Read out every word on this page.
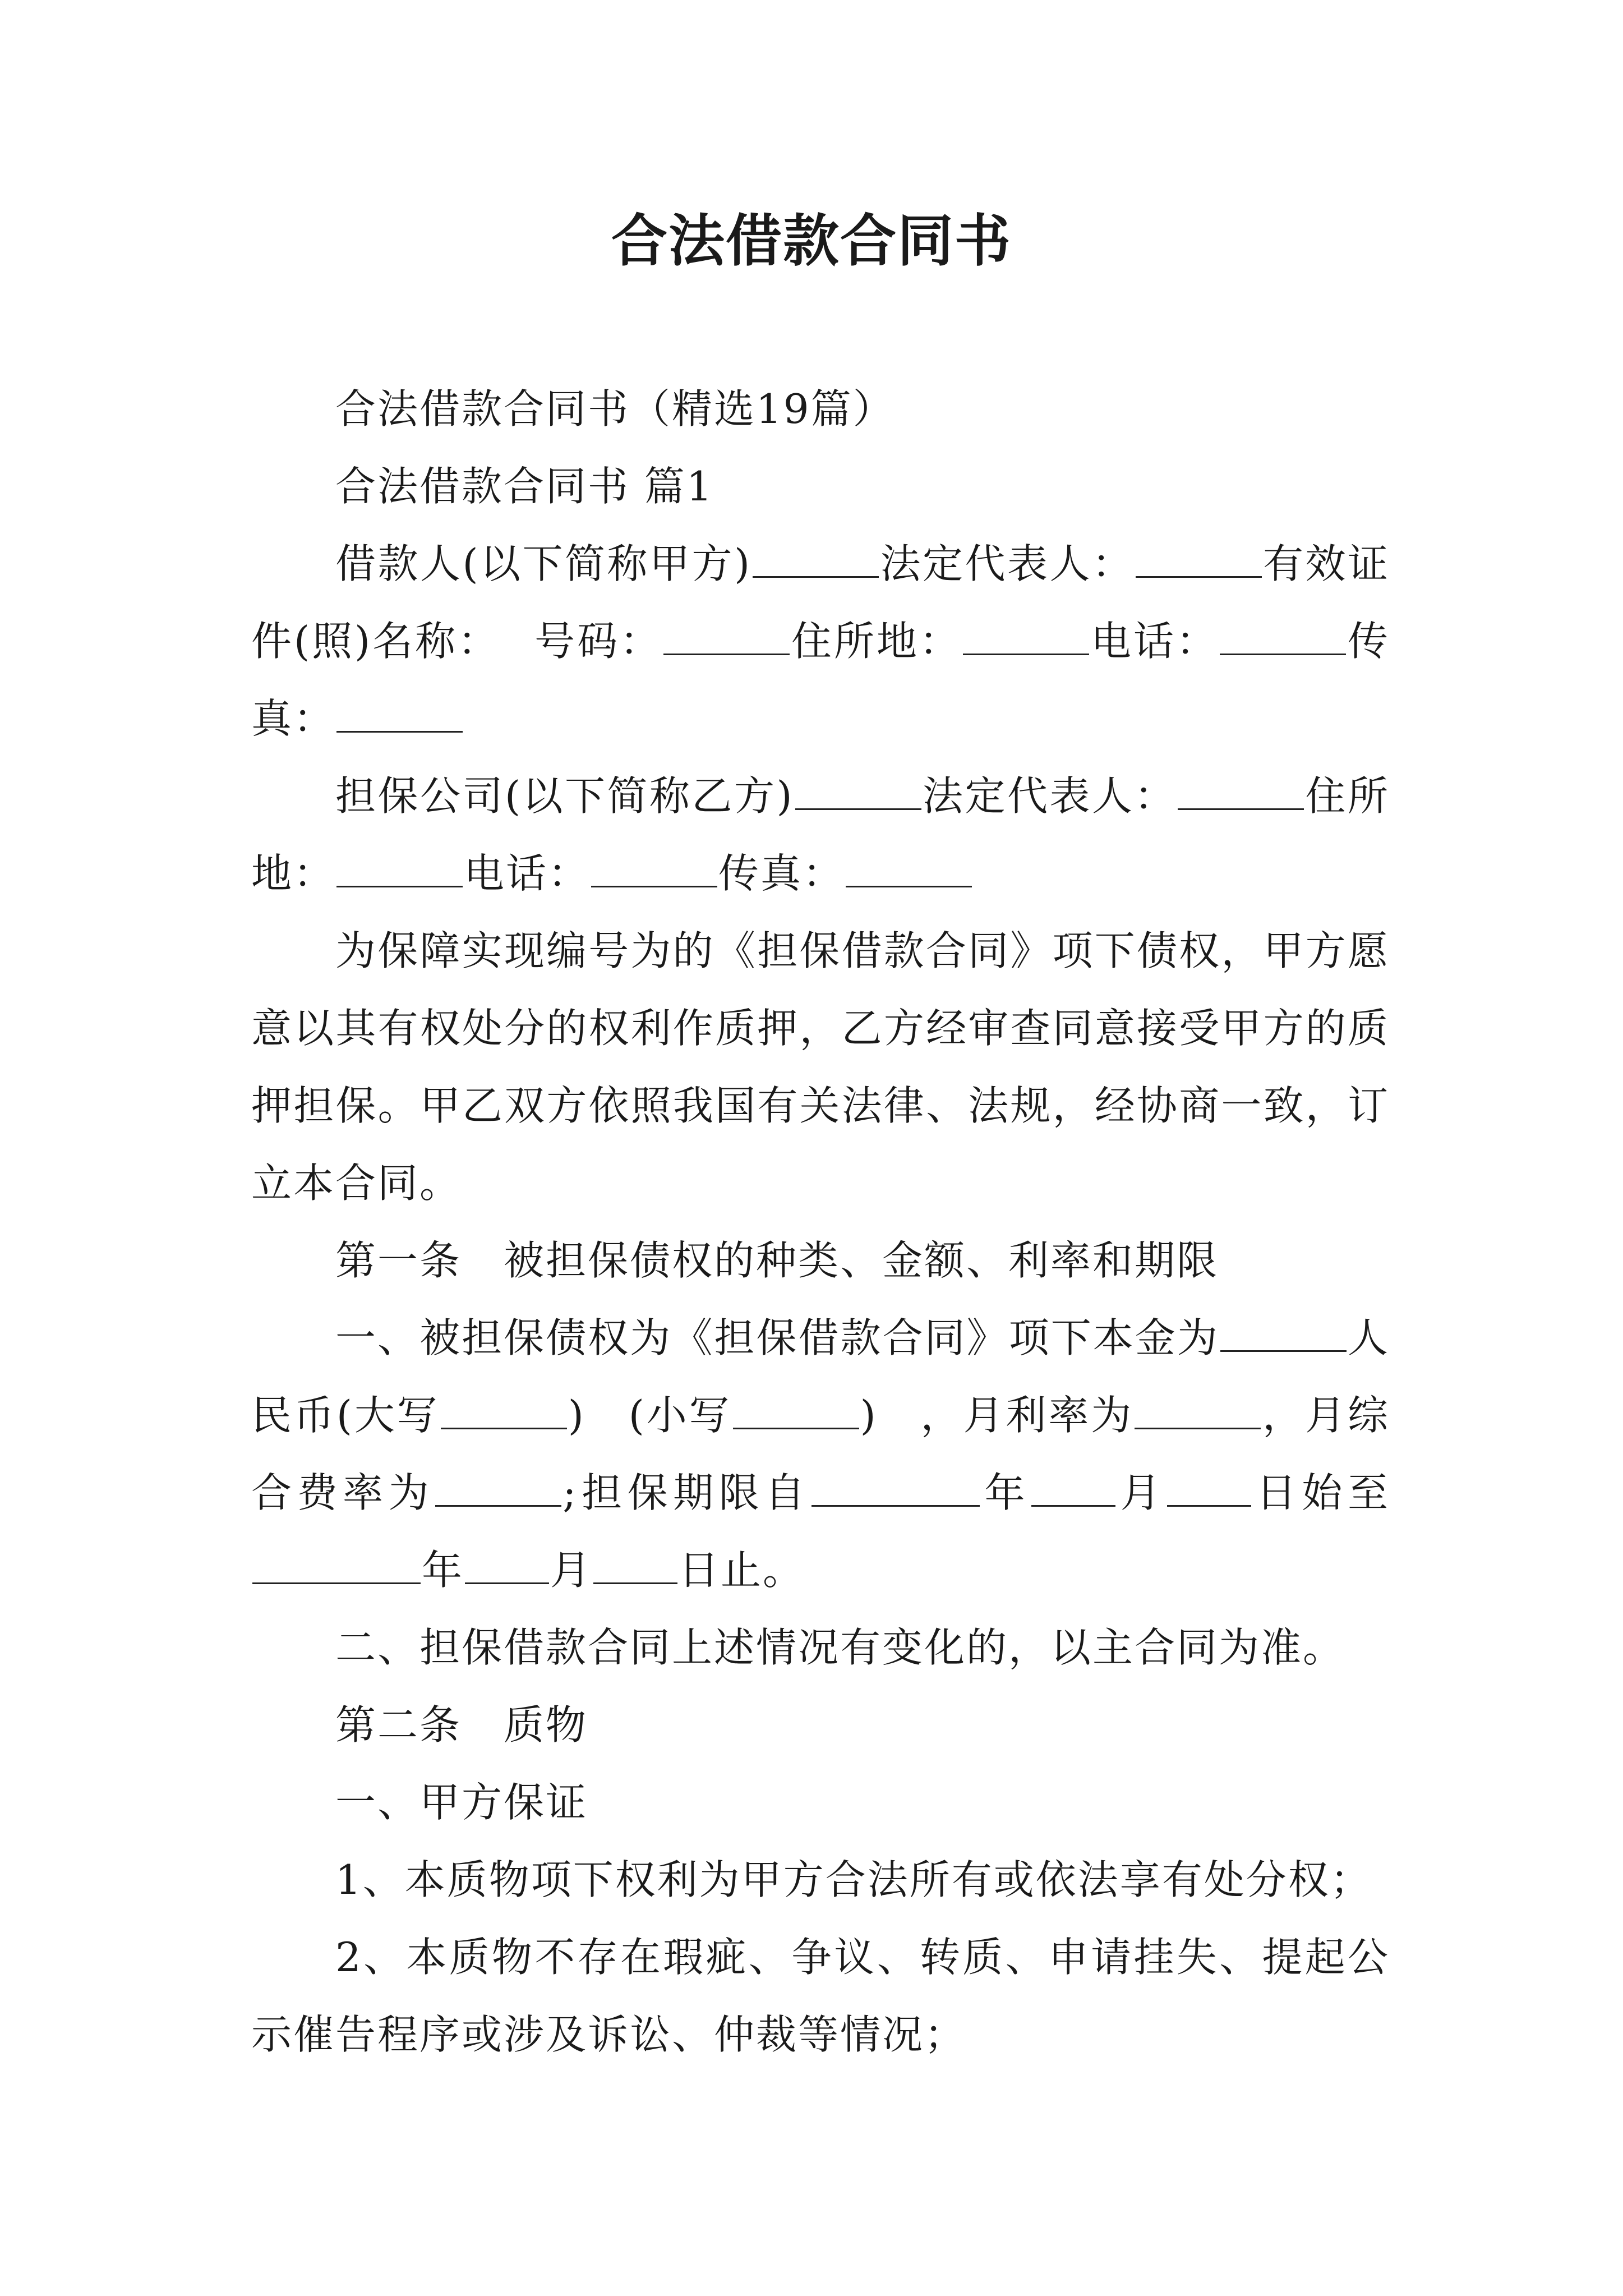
合法借款合同书

合法借款合同书（精选19篇）

合法借款合同书 篇1

借款人(以下简称甲方)	法定代表人：	有效证件(照)名称： 号码：	住所地：	电话：	传真：

担保公司(以下简称乙方)	法定代表人：	住所地：	电话：	传真：

为保障实现编号为的《担保借款合同》项下债权，甲方愿意以其有权处分的权利作质押，乙方经审查同意接受甲方的质押担保。甲乙双方依照我国有关法律、法规，经协商一致，订立本合同。

第一条　被担保债权的种类、金额、利率和期限

一、被担保债权为《担保借款合同》项下本金为	人民币(大写	)　(小写	)　，月利率为	，月综合费率为	;担保期限自	年 月 日始至年 月 日止。

二、担保借款合同上述情况有变化的，以主合同为准。

第二条　质物

一、甲方保证

1、本质物项下权利为甲方合法所有或依法享有处分权；

2、本质物不存在瑕疵、争议、转质、申请挂失、提起公示催告程序或涉及诉讼、仲裁等情况；
